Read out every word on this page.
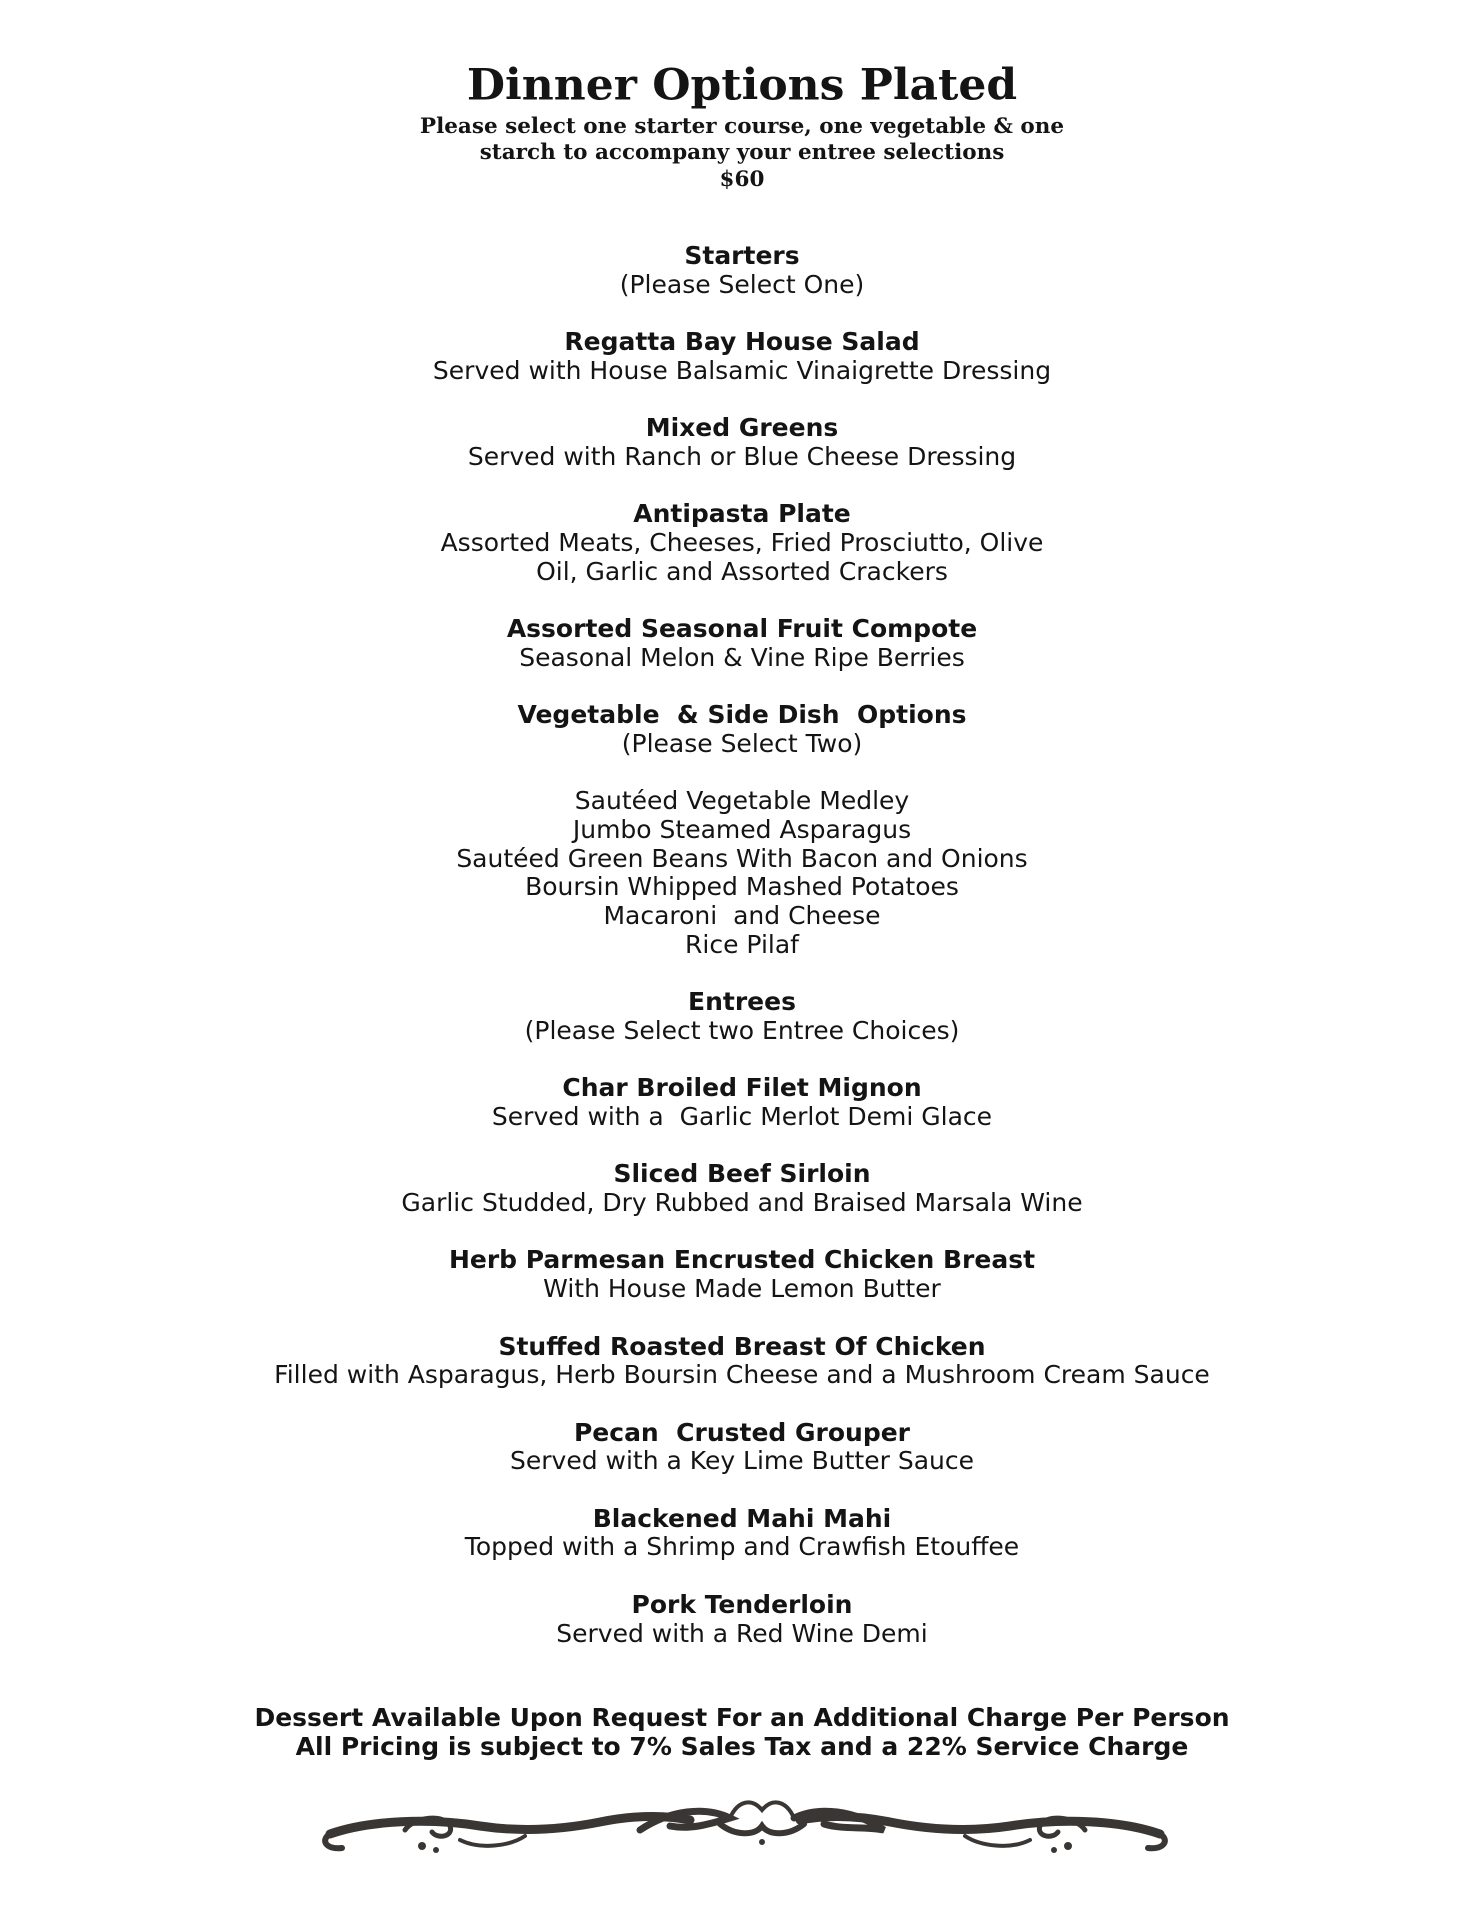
Dinner Options Plated

Please select one starter course, one vegetable & one

starch to accompany your entree selections

$60

Starters
(Please Select One)
Regatta Bay House Salad
Served with House Balsamic Vinaigrette Dressing
Mixed Greens
Served with Ranch or Blue Cheese Dressing
Antipasta Plate
Assorted Meats, Cheeses, Fried Prosciutto, Olive
Oil, Garlic and Assorted Crackers
Assorted Seasonal Fruit Compote
Seasonal Melon & Vine Ripe Berries
Vegetable  & Side Dish  Options
(Please Select Two)
Sautéed Vegetable Medley
Jumbo Steamed Asparagus
Sautéed Green Beans With Bacon and Onions
Boursin Whipped Mashed Potatoes
Macaroni  and Cheese
Rice Pilaf
Entrees
(Please Select two Entree Choices)
Char Broiled Filet Mignon
Served with a  Garlic Merlot Demi Glace
Sliced Beef Sirloin
Garlic Studded, Dry Rubbed and Braised Marsala Wine
Herb Parmesan Encrusted Chicken Breast
With House Made Lemon Butter
Stuffed Roasted Breast Of Chicken
Filled with Asparagus, Herb Boursin Cheese and a Mushroom Cream Sauce
Pecan  Crusted Grouper
Served with a Key Lime Butter Sauce
Blackened Mahi Mahi
Topped with a Shrimp and Crawfish Etouffee
Pork Tenderloin
Served with a Red Wine Demi
Dessert Available Upon Request For an Additional Charge Per Person
All Pricing is subject to 7% Sales Tax and a 22% Service Charge
